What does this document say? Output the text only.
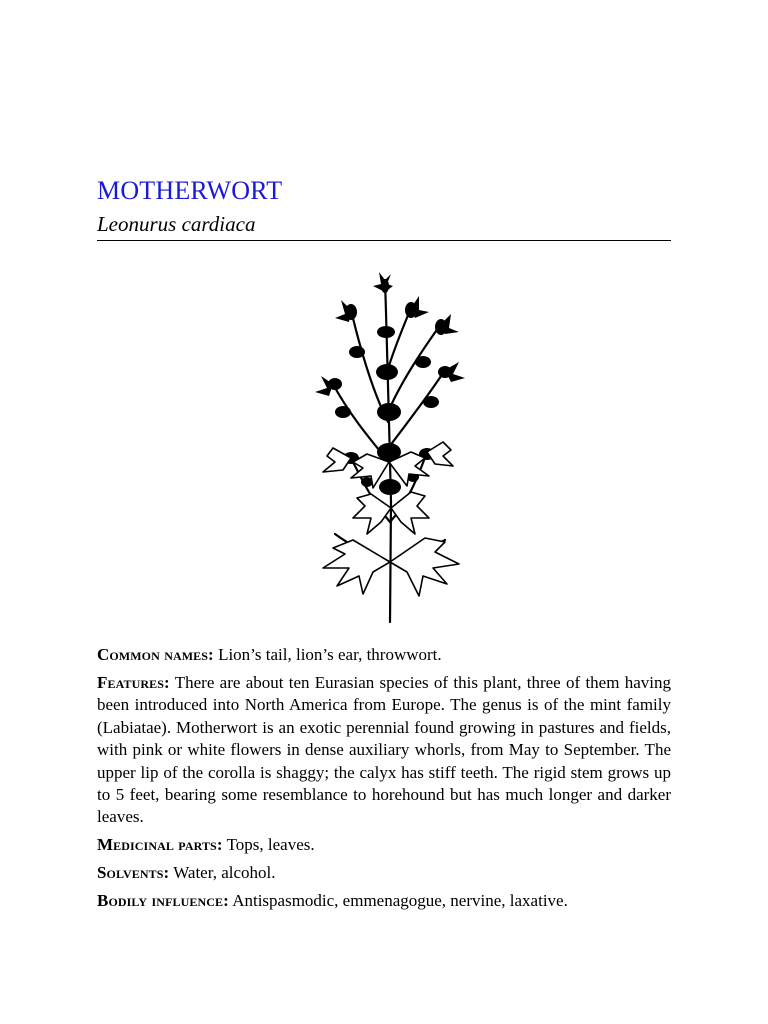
MOTHERWORT
Leonurus cardiaca

Common names: Lion’s tail, lion’s ear, throwwort.

Features: There are about ten Eurasian species of this plant, three of them having been introduced into North America from Europe. The genus is of the mint family (Labiatae). Motherwort is an exotic perennial found growing in pastures and fields, with pink or white flowers in dense auxiliary whorls, from May to September. The upper lip of the corolla is shaggy; the calyx has stiff teeth. The rigid stem grows up to 5 feet, bearing some resemblance to horehound but has much longer and darker leaves.

Medicinal parts: Tops, leaves.

Solvents: Water, alcohol.

Bodily influence: Antispasmodic, emmenagogue, nervine, laxative.
